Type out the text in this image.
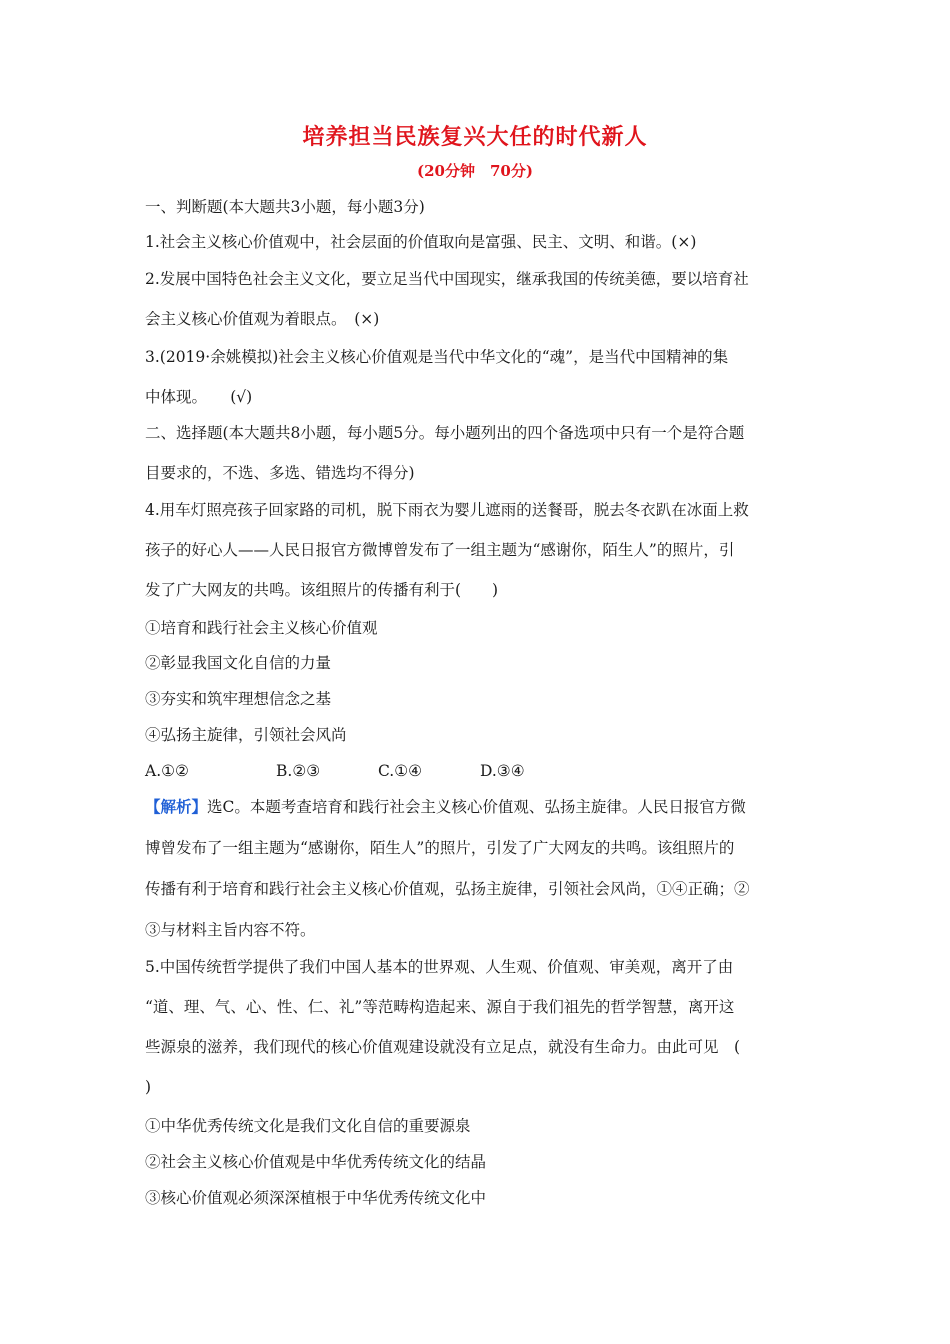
培养担当民族复兴大任的时代新人
(20分钟　70分)
一、判断题(本大题共3小题，每小题3分)
1.社会主义核心价值观中，社会层面的价值取向是富强、民主、文明、和谐。(×)
2.发展中国特色社会主义文化，要立足当代中国现实，继承我国的传统美德，要以培育社
会主义核心价值观为着眼点。　(×)
3.(2019·余姚模拟)社会主义核心价值观是当代中华文化的“魂”，是当代中国精神的集
中体现。　　(√)
二、选择题(本大题共8小题，每小题5分。每小题列出的四个备选项中只有一个是符合题
目要求的，不选、多选、错选均不得分)
4.用车灯照亮孩子回家路的司机，脱下雨衣为婴儿遮雨的送餐哥，脱去冬衣趴在冰面上救
孩子的好心人——人民日报官方微博曾发布了一组主题为“感谢你，陌生人”的照片，引
发了广大网友的共鸣。该组照片的传播有利于(　　)
①培育和践行社会主义核心价值观
②彰显我国文化自信的力量
③夯实和筑牢理想信念之基
④弘扬主旋律，引领社会风尚
A.①②	B.②③	C.①④	D.③④
【解析】选C。本题考查培育和践行社会主义核心价值观、弘扬主旋律。人民日报官方微
博曾发布了一组主题为“感谢你，陌生人”的照片，引发了广大网友的共鸣。该组照片的
传播有利于培育和践行社会主义核心价值观，弘扬主旋律，引领社会风尚，①④正确；②
③与材料主旨内容不符。
5.中国传统哲学提供了我们中国人基本的世界观、人生观、价值观、审美观，离开了由
“道、理、气、心、性、仁、礼”等范畴构造起来、源自于我们祖先的哲学智慧，离开这
些源泉的滋养，我们现代的核心价值观建设就没有立足点，就没有生命力。由此可见　(
)
①中华优秀传统文化是我们文化自信的重要源泉
②社会主义核心价值观是中华优秀传统文化的结晶
③核心价值观必须深深植根于中华优秀传统文化中
